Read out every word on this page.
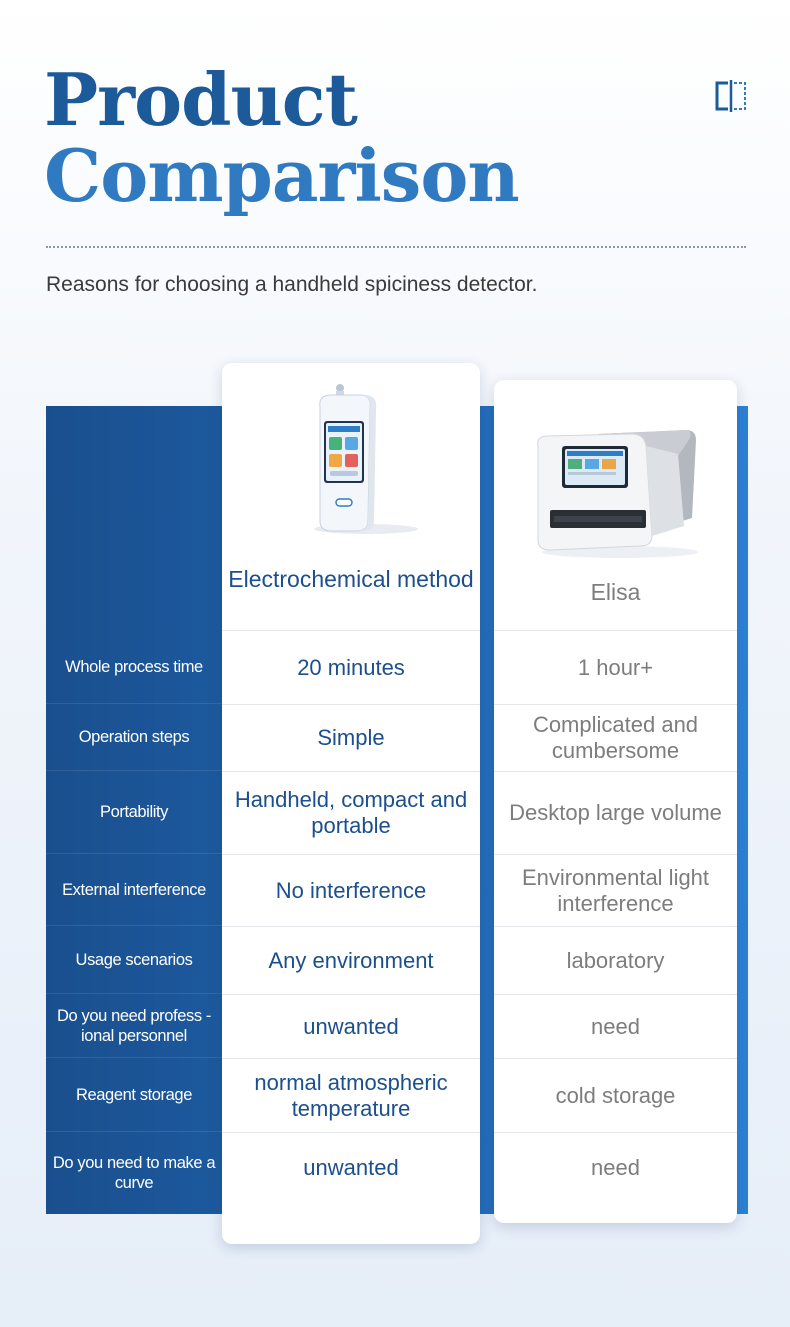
Product
Comparison

Reasons for choosing a handheld spiciness detector.

Whole process time
Operation steps
Portability
External interference
Usage scenarios
Do you need profess -ional personnel
Reagent storage
Do you need to make a curve
Electrochemical method
20 minutes
Simple
Handheld, compact and portable
No interference
Any environment
unwanted
normal atmospheric temperature
unwanted
Elisa
1 hour+
Complicated and cumbersome
Desktop large volume
Environmental light interference
laboratory
need
cold storage
need
